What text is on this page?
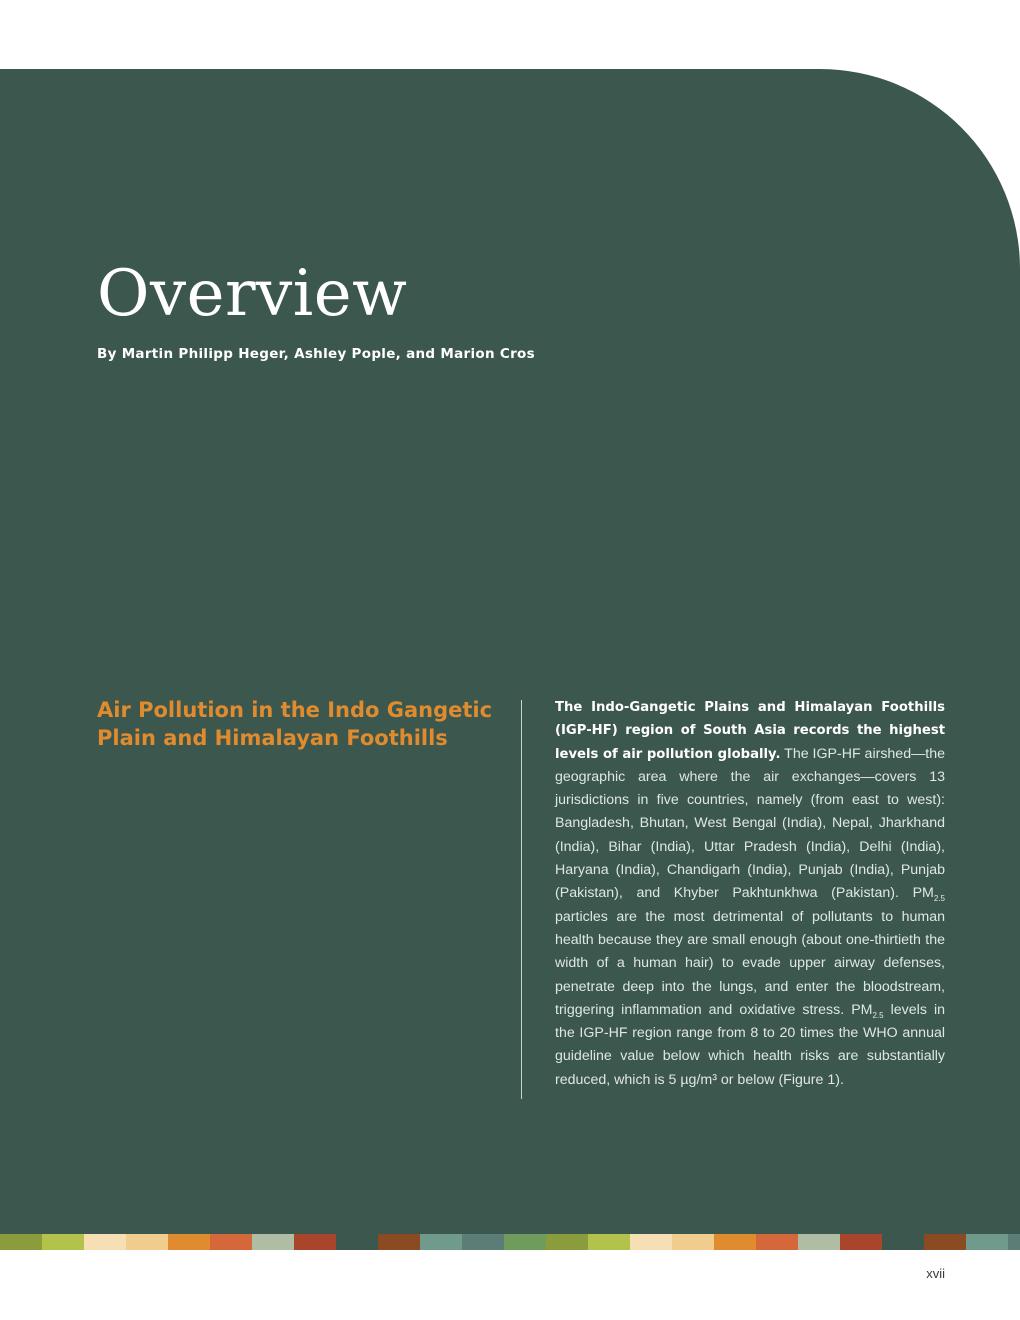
Overview

By Martin Philipp Heger, Ashley Pople, and Marion Cros

Air Pollution in the Indo Gangetic Plain and Himalayan Foothills

The Indo-Gangetic Plains and Himalayan Foothills (IGP-HF) region of South Asia records the highest levels of air pollution globally. The IGP-HF airshed—the geographic area where the air exchanges—covers 13 jurisdictions in five countries, namely (from east to west): Bangladesh, Bhutan, West Bengal (India), Nepal, Jharkhand (India), Bihar (India), Uttar Pradesh (India), Delhi (India), Haryana (India), Chandigarh (India), Punjab (India), Punjab (Pakistan), and Khyber Pakhtunkhwa (Pakistan). $PM_{2.5}$ particles are the most detrimental of pollutants to human health because they are small enough (about one-thirtieth the width of a human hair) to evade upper airway defenses, penetrate deep into the lungs, and enter the bloodstream, triggering inflammation and oxidative stress. $PM_{2.5}$ levels in the IGP-HF region range from 8 to 20 times the WHO annual guideline value below which health risks are substantially reduced, which is 5 µg/m³ or below (Figure 1).

xvii
